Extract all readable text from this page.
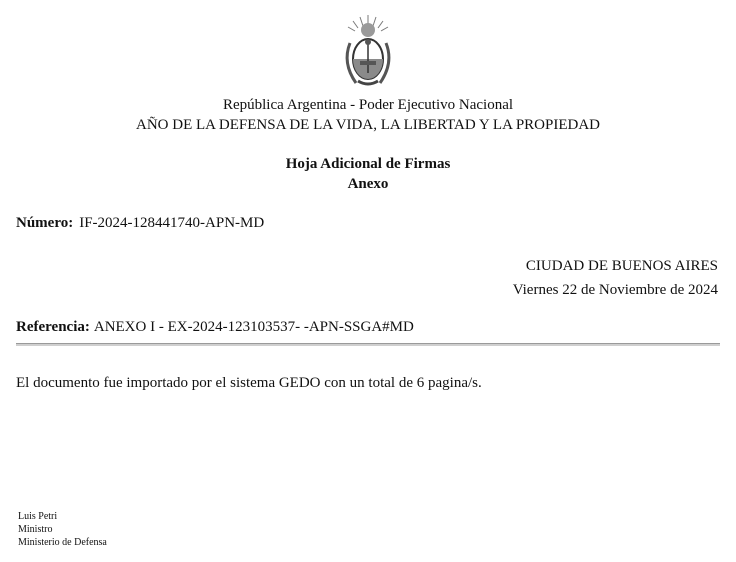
República Argentina - Poder Ejecutivo Nacional
AÑO DE LA DEFENSA DE LA VIDA, LA LIBERTAD Y LA PROPIEDAD
Hoja Adicional de Firmas
Anexo
Número: IF-2024-128441740-APN-MD
CIUDAD DE BUENOS AIRES
Viernes 22 de Noviembre de 2024
Referencia: ANEXO I - EX-2024-123103537- -APN-SSGA#MD
El documento fue importado por el sistema GEDO con un total de 6 pagina/s.
Luis Petri
Ministro
Ministerio de Defensa
